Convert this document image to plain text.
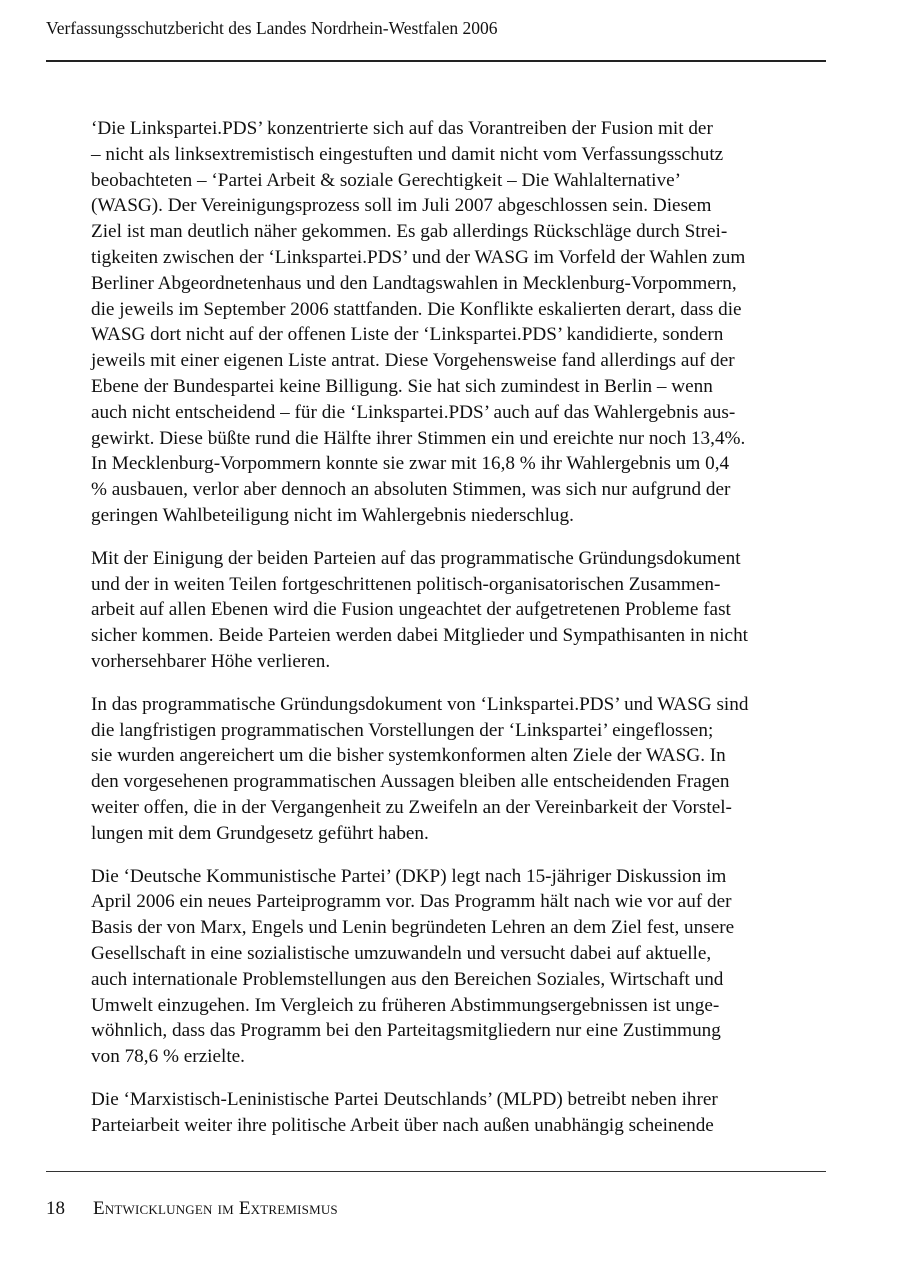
Verfassungsschutzbericht des Landes Nordrhein-Westfalen 2006

‘Die Linkspartei.PDS’ konzentrierte sich auf das Vorantreiben der Fusion mit der
– nicht als linksextremistisch eingestuften und damit nicht vom Verfassungsschutz
beobachteten – ‘Partei Arbeit & soziale Gerechtigkeit – Die Wahlalternative’
(WASG). Der Vereinigungsprozess soll im Juli 2007 abgeschlossen sein. Diesem
Ziel ist man deutlich näher gekommen. Es gab allerdings Rückschläge durch Strei-
tigkeiten zwischen der ‘Linkspartei.PDS’ und der WASG im Vorfeld der Wahlen zum
Berliner Abgeordnetenhaus und den Landtagswahlen in Mecklenburg-Vorpommern,
die jeweils im September 2006 stattfanden. Die Konflikte eskalierten derart, dass die
WASG dort nicht auf der offenen Liste der ‘Linkspartei.PDS’ kandidierte, sondern
jeweils mit einer eigenen Liste antrat. Diese Vorgehensweise fand allerdings auf der
Ebene der Bundespartei keine Billigung. Sie hat sich zumindest in Berlin – wenn
auch nicht entscheidend – für die ‘Linkspartei.PDS’ auch auf das Wahlergebnis aus-
gewirkt. Diese büßte rund die Hälfte ihrer Stimmen ein und ereichte nur noch 13,4%.
In Mecklenburg-Vorpommern konnte sie zwar mit 16,8 % ihr Wahlergebnis um 0,4
% ausbauen, verlor aber dennoch an absoluten Stimmen, was sich nur aufgrund der
geringen Wahlbeteiligung nicht im Wahlergebnis niederschlug.

Mit der Einigung der beiden Parteien auf das programmatische Gründungsdokument
und der in weiten Teilen fortgeschrittenen politisch-organisatorischen Zusammen-
arbeit auf allen Ebenen wird die Fusion ungeachtet der aufgetretenen Probleme fast
sicher kommen. Beide Parteien werden dabei Mitglieder und Sympathisanten in nicht
vorhersehbarer Höhe verlieren.

In das programmatische Gründungsdokument von ‘Linkspartei.PDS’ und WASG sind
die langfristigen programmatischen Vorstellungen der ‘Linkspartei’ eingeflossen;
sie wurden angereichert um die bisher systemkonformen alten Ziele der WASG. In
den vorgesehenen programmatischen Aussagen bleiben alle entscheidenden Fragen
weiter offen, die in der Vergangenheit zu Zweifeln an der Vereinbarkeit der Vorstel-
lungen mit dem Grundgesetz geführt haben.

Die ‘Deutsche Kommunistische Partei’ (DKP) legt nach 15-jähriger Diskussion im
April 2006 ein neues Parteiprogramm vor. Das Programm hält nach wie vor auf der
Basis der von Marx, Engels und Lenin begründeten Lehren an dem Ziel fest, unsere
Gesellschaft in eine sozialistische umzuwandeln und versucht dabei auf aktuelle,
auch internationale Problemstellungen aus den Bereichen Soziales, Wirtschaft und
Umwelt einzugehen. Im Vergleich zu früheren Abstimmungsergebnissen ist unge-
wöhnlich, dass das Programm bei den Parteitagsmitgliedern nur eine Zustimmung
von 78,6 % erzielte.

Die ‘Marxistisch-Leninistische Partei Deutschlands’ (MLPD) betreibt neben ihrer
Parteiarbeit weiter ihre politische Arbeit über nach außen unabhängig scheinende

18 Entwicklungen im Extremismus
